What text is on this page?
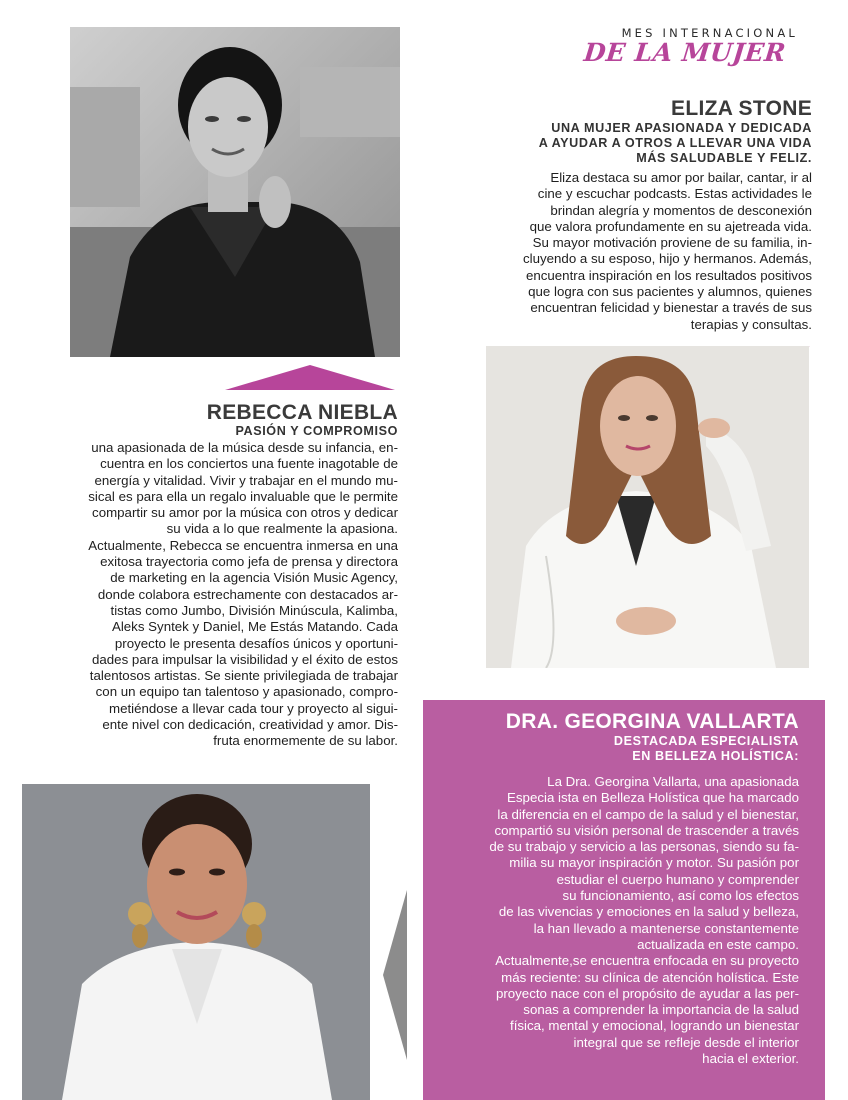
MES INTERNACIONAL
DE LA MUJER
ELIZA STONE
UNA MUJER APASIONADA Y DEDICADA
A AYUDAR A OTROS A LLEVAR UNA VIDA
MÁS SALUDABLE Y FELIZ.
Eliza destaca su amor por bailar, cantar, ir al
cine y escuchar podcasts. Estas actividades le
brindan alegría y momentos de desconexión
que valora profundamente en su ajetreada vida.
Su mayor motivación proviene de su familia, in-
cluyendo a su esposo, hijo y hermanos. Además,
encuentra inspiración en los resultados positivos
que logra con sus pacientes y alumnos, quienes
encuentran felicidad y bienestar a través de sus
terapias y consultas.
REBECCA NIEBLA
PASIÓN Y COMPROMISO
una apasionada de la música desde su infancia, en-
cuentra en los conciertos una fuente inagotable de
energía y vitalidad. Vivir y trabajar en el mundo mu-
sical es para ella un regalo invaluable que le permite
compartir su amor por la música con otros y dedicar
su vida a lo que realmente la apasiona.
Actualmente, Rebecca se encuentra inmersa en una
exitosa trayectoria como jefa de prensa y directora
de marketing en la agencia Visión Music Agency,
donde colabora estrechamente con destacados ar-
tistas como Jumbo, División Minúscula, Kalimba,
Aleks Syntek y Daniel, Me Estás Matando. Cada
proyecto le presenta desafíos únicos y oportuni-
dades para impulsar la visibilidad y el éxito de estos
talentosos artistas. Se siente privilegiada de trabajar
con un equipo tan talentoso y apasionado, compro-
metiéndose a llevar cada tour y proyecto al sigui-
ente nivel con dedicación, creatividad y amor. Dis-
fruta enormemente de su labor.
DRA. GEORGINA VALLARTA
DESTACADA ESPECIALISTA
EN BELLEZA HOLÍSTICA:
La Dra. Georgina Vallarta, una apasionada
Especia ista en Belleza Holística que ha marcado
la diferencia en el campo de la salud y el bienestar,
compartió su visión personal de trascender a través
de su trabajo y servicio a las personas, siendo su fa-
milia su mayor inspiración y motor. Su pasión por
estudiar el cuerpo humano y comprender
su funcionamiento, así como los efectos
de las vivencias y emociones en la salud y belleza,
la han llevado a mantenerse constantemente
actualizada en este campo.
Actualmente,se encuentra enfocada en su proyecto
más reciente: su clínica de atención holística. Este
proyecto nace con el propósito de ayudar a las per-
sonas a comprender la importancia de la salud
física, mental y emocional, logrando un bienestar
integral que se refleje desde el interior
hacia el exterior.
